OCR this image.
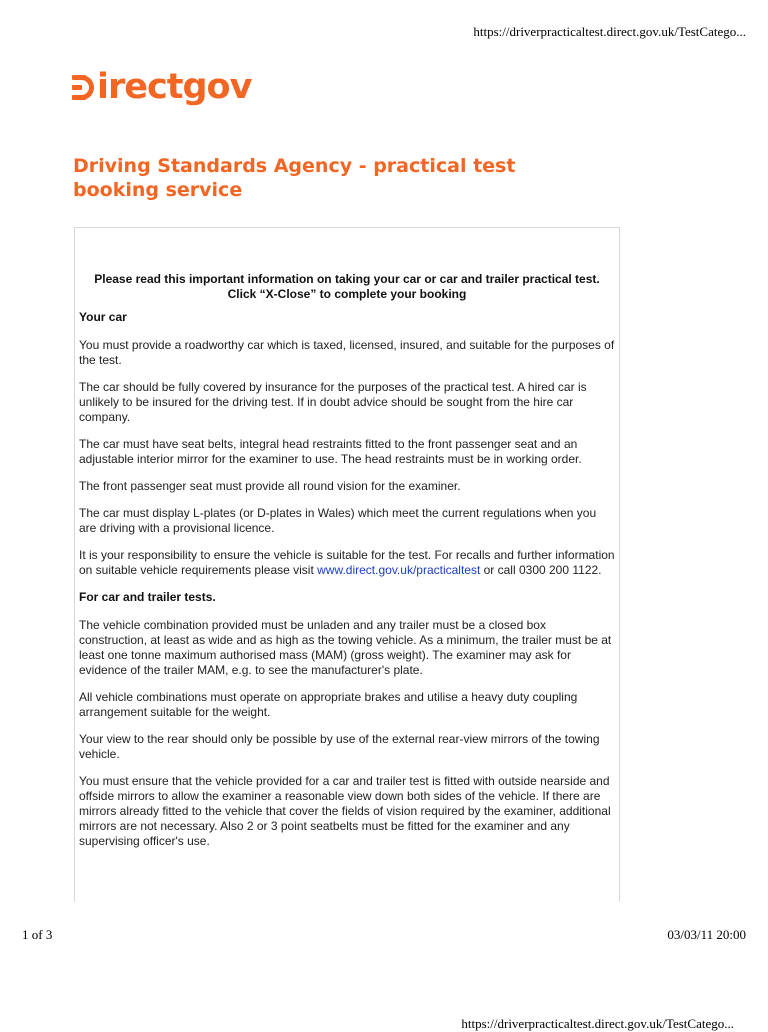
https://driverpracticaltest.direct.gov.uk/TestCatego...
irectgov
Driving Standards Agency - practical test booking service

Please read this important information on taking your car or car and trailer practical test. Click “X-Close” to complete your booking

Your car

You must provide a roadworthy car which is taxed, licensed, insured, and suitable for the purposes of the test.

The car should be fully covered by insurance for the purposes of the practical test. A hired car is unlikely to be insured for the driving test. If in doubt advice should be sought from the hire car company.

The car must have seat belts, integral head restraints fitted to the front passenger seat and an adjustable interior mirror for the examiner to use. The head restraints must be in working order.

The front passenger seat must provide all round vision for the examiner.

The car must display L-plates (or D-plates in Wales) which meet the current regulations when you are driving with a provisional licence.

It is your responsibility to ensure the vehicle is suitable for the test. For recalls and further information on suitable vehicle requirements please visit www.direct.gov.uk/practicaltest or call 0300 200 1122.

For car and trailer tests.

The vehicle combination provided must be unladen and any trailer must be a closed box construction, at least as wide and as high as the towing vehicle. As a minimum, the trailer must be at least one tonne maximum authorised mass (MAM) (gross weight). The examiner may ask for evidence of the trailer MAM, e.g. to see the manufacturer's plate.

All vehicle combinations must operate on appropriate brakes and utilise a heavy duty coupling arrangement suitable for the weight.

Your view to the rear should only be possible by use of the external rear-view mirrors of the towing vehicle.

You must ensure that the vehicle provided for a car and trailer test is fitted with outside nearside and offside mirrors to allow the examiner a reasonable view down both sides of the vehicle. If there are mirrors already fitted to the vehicle that cover the fields of vision required by the examiner, additional mirrors are not necessary. Also 2 or 3 point seatbelts must be fitted for the examiner and any supervising officer's use.

1 of 3	03/03/11 20:00
https://driverpracticaltest.direct.gov.uk/TestCatego...
